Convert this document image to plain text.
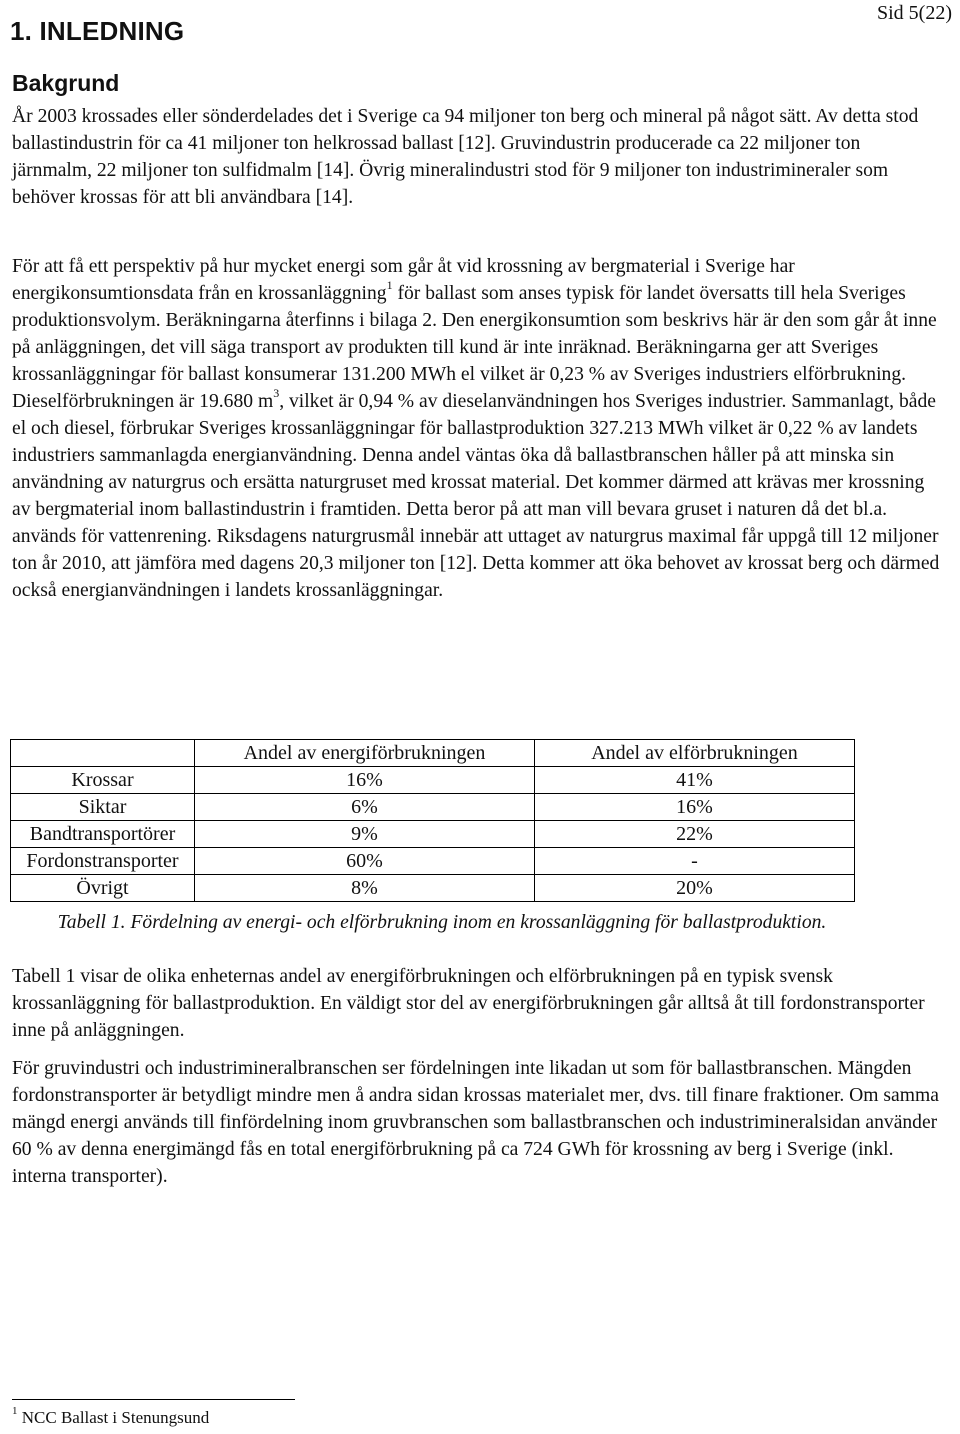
Sid 5(22)
1. INLEDNING
Bakgrund

År 2003 krossades eller sönderdelades det i Sverige ca 94 miljoner ton berg och mineral på något sätt. Av detta stod ballastindustrin för ca 41 miljoner ton helkrossad ballast [12]. Gruvindustrin producerade ca 22 miljoner ton järnmalm, 22 miljoner ton sulfidmalm [14]. Övrig mineralindustri stod för 9 miljoner ton industrimineraler som behöver krossas för att bli användbara [14].

För att få ett perspektiv på hur mycket energi som går åt vid krossning av bergmaterial i Sverige har energikonsumtionsdata från en krossanläggning$^1$ för ballast som anses typisk för landet översatts till hela Sveriges produktionsvolym. Beräkningarna återfinns i bilaga 2. Den energikonsumtion som beskrivs här är den som går åt inne på anläggningen, det vill säga transport av produkten till kund är inte inräknad. Beräkningarna ger att Sveriges krossanläggningar för ballast konsumerar 131.200 MWh el vilket är 0,23 % av Sveriges industriers elförbrukning. Dieselförbrukningen är 19.680 $m^3$, vilket är 0,94 % av dieselanvändningen hos Sveriges industrier. Sammanlagt, både el och diesel, förbrukar Sveriges krossanläggningar för ballastproduktion 327.213 MWh vilket är 0,22 % av landets industriers sammanlagda energianvändning. Denna andel väntas öka då ballastbranschen håller på att minska sin användning av naturgrus och ersätta naturgruset med krossat material. Det kommer därmed att krävas mer krossning av bergmaterial inom ballastindustrin i framtiden. Detta beror på att man vill bevara gruset i naturen då det bl.a. används för vattenrening. Riksdagens naturgrusmål innebär att uttaget av naturgrus maximal får uppgå till 12 miljoner ton år 2010, att jämföra med dagens 20,3 miljoner ton [12]. Detta kommer att öka behovet av krossat berg och därmed också energianvändningen i landets krossanläggningar.

	Andel av energiförbrukningen	Andel av elförbrukningen
Krossar	16%	41%
Siktar	6%	16%
Bandtransportörer	9%	22%
Fordonstransporter	60%	-
Övrigt	8%	20%
Tabell 1. Fördelning av energi- och elförbrukning inom en krossanläggning för ballastproduktion.

Tabell 1 visar de olika enheternas andel av energiförbrukningen och elförbrukningen på en typisk svensk krossanläggning för ballastproduktion. En väldigt stor del av energiförbrukningen går alltså åt till fordonstransporter inne på anläggningen.

För gruvindustri och industrimineralbranschen ser fördelningen inte likadan ut som för ballastbranschen. Mängden fordonstransporter är betydligt mindre men å andra sidan krossas materialet mer, dvs. till finare fraktioner. Om samma mängd energi används till finfördelning inom gruvbranschen som ballastbranschen och industrimineralsidan använder 60 % av denna energimängd fås en total energiförbrukning på ca 724 GWh för krossning av berg i Sverige (inkl. interna transporter).

$^1$ NCC Ballast i Stenungsund
